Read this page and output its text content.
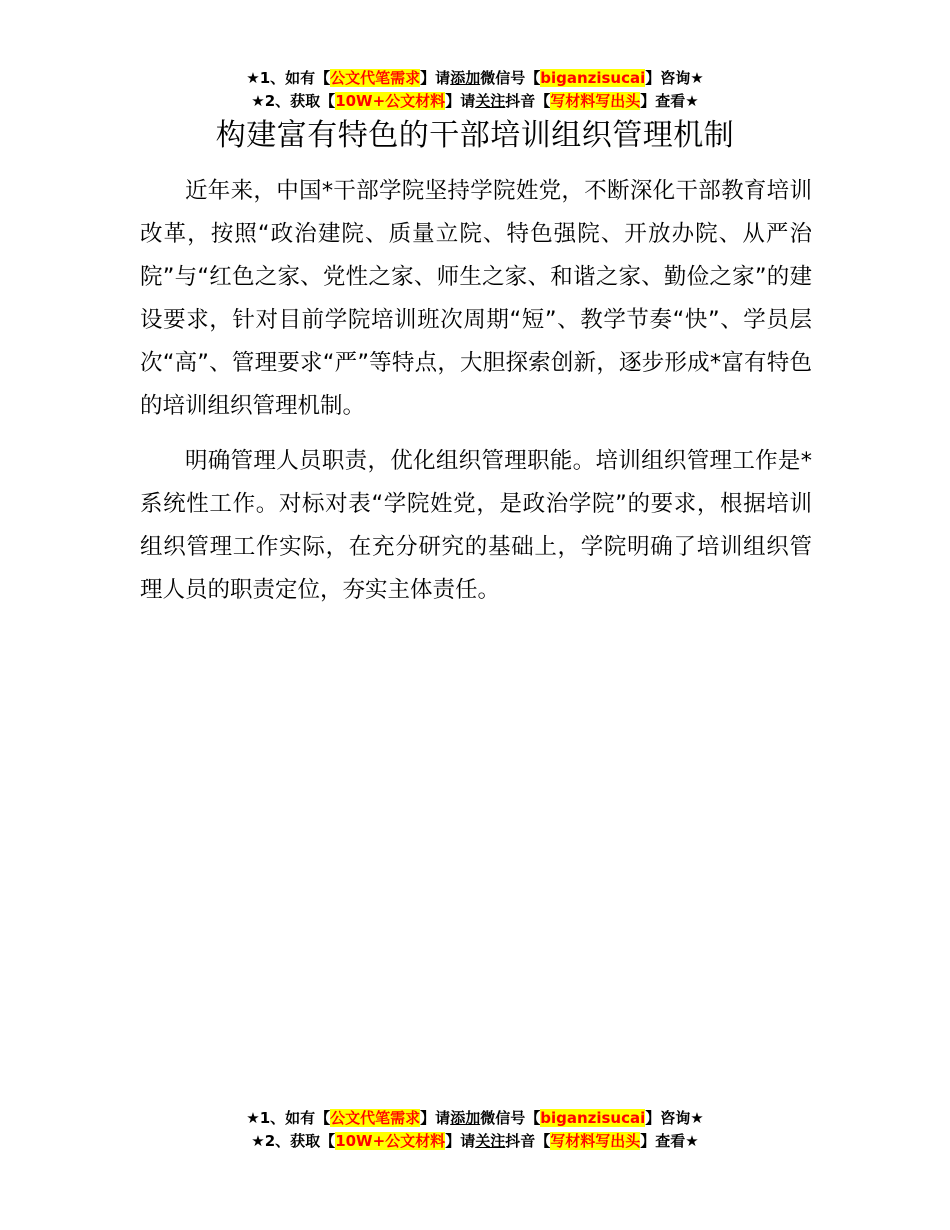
★1、如有【公文代笔需求】请添加微信号【biganzisucai】咨询★
★2、获取【10W+公文材料】请关注抖音【写材料写出头】查看★
构建富有特色的干部培训组织管理机制

近年来，中国*干部学院坚持学院姓党，不断深化干部教育培训改革，按照“政治建院、质量立院、特色强院、开放办院、从严治院”与“红色之家、党性之家、师生之家、和谐之家、勤俭之家”的建设要求，针对目前学院培训班次周期“短”、教学节奏“快”、学员层次“高”、管理要求“严”等特点，大胆探索创新，逐步形成*富有特色的培训组织管理机制。

明确管理人员职责，优化组织管理职能。培训组织管理工作是*系统性工作。对标对表“学院姓党，是政治学院”的要求，根据培训组织管理工作实际，在充分研究的基础上，学院明确了培训组织管理人员的职责定位，夯实主体责任。

★1、如有【公文代笔需求】请添加微信号【biganzisucai】咨询★
★2、获取【10W+公文材料】请关注抖音【写材料写出头】查看★
